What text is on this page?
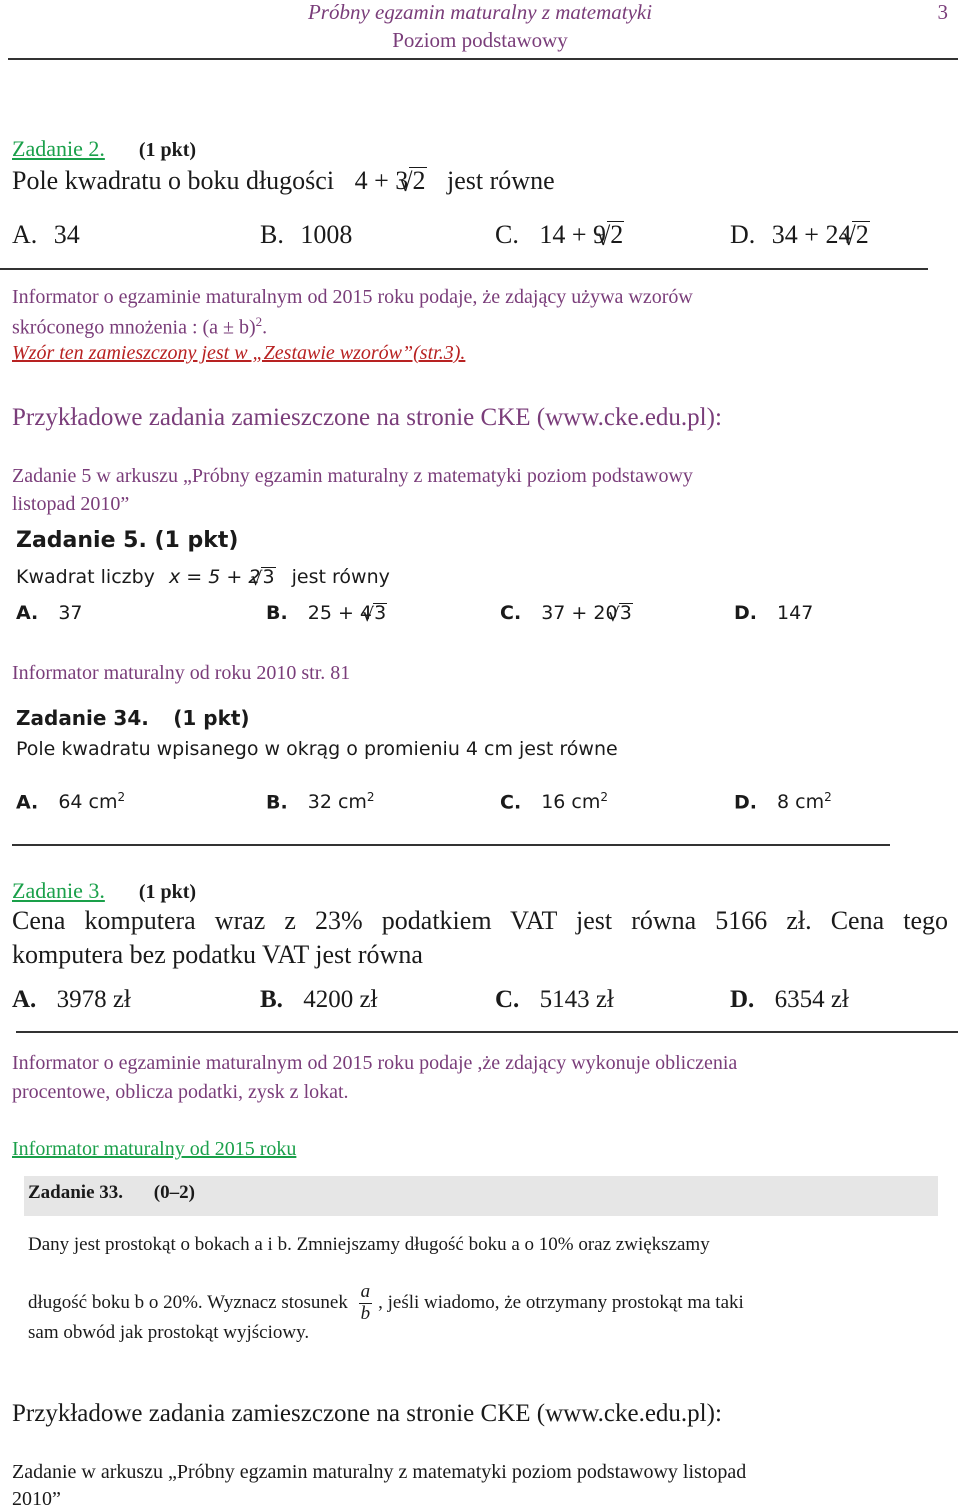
Próbny egzamin maturalny z matematyki
Poziom podstawowy
3
Zadanie 2. (1 pkt)
Pole kwadratu o boku długości 4 + 3 √ 2 jest równe
A. 34	B. 1008	C. 14 + 9 √ 2	D. 34 + 24 √ 2
Informator o egzaminie maturalnym od 2015 roku podaje, że zdający używa wzorów
skróconego mnożenia : $(a \pm b)^2$.
Wzór ten zamieszczony jest w „Zestawie wzorów”(str.3).
Przykładowe zadania zamieszczone na stronie CKE (www.cke.edu.pl):
Zadanie 5 w arkuszu „Próbny egzamin maturalny z matematyki poziom podstawowy
listopad 2010”
Zadanie 5. (1 pkt)
Kwadrat liczby x = 5 + 2 √ 3 jest równy
A. 37	B. 25 + 4 √ 3	C. 37 + 20 √ 3	D. 147
Informator maturalny od roku 2010 str. 81
Zadanie 34. (1 pkt)
Pole kwadratu wpisanego w okrąg o promieniu 4 cm jest równe
A. 64 $cm^2$	B. 32 $cm^2$	C. 16 $cm^2$	D. 8 $cm^2$
Zadanie 3. (1 pkt)
Cena komputera wraz z 23% podatkiem VAT jest równa 5166 zł. Cena tego
komputera bez podatku VAT jest równa
A. 3978 zł	B. 4200 zł	C. 5143 zł	D. 6354 zł
Informator o egzaminie maturalnym od 2015 roku podaje ,że zdający wykonuje obliczenia
procentowe, oblicza podatki, zysk z lokat.
Informator maturalny od 2015 roku
Zadanie 33. (0–2)
Dany jest prostokąt o bokach a i b. Zmniejszamy długość boku a o 10% oraz zwiększamy
długość boku b o 20%. Wyznacz stosunek $\frac{a}{b}$ , jeśli wiadomo, że otrzymany prostokąt ma taki
sam obwód jak prostokąt wyjściowy.
Przykładowe zadania zamieszczone na stronie CKE (www.cke.edu.pl):
Zadanie w arkuszu „Próbny egzamin maturalny z matematyki poziom podstawowy listopad
2010”
